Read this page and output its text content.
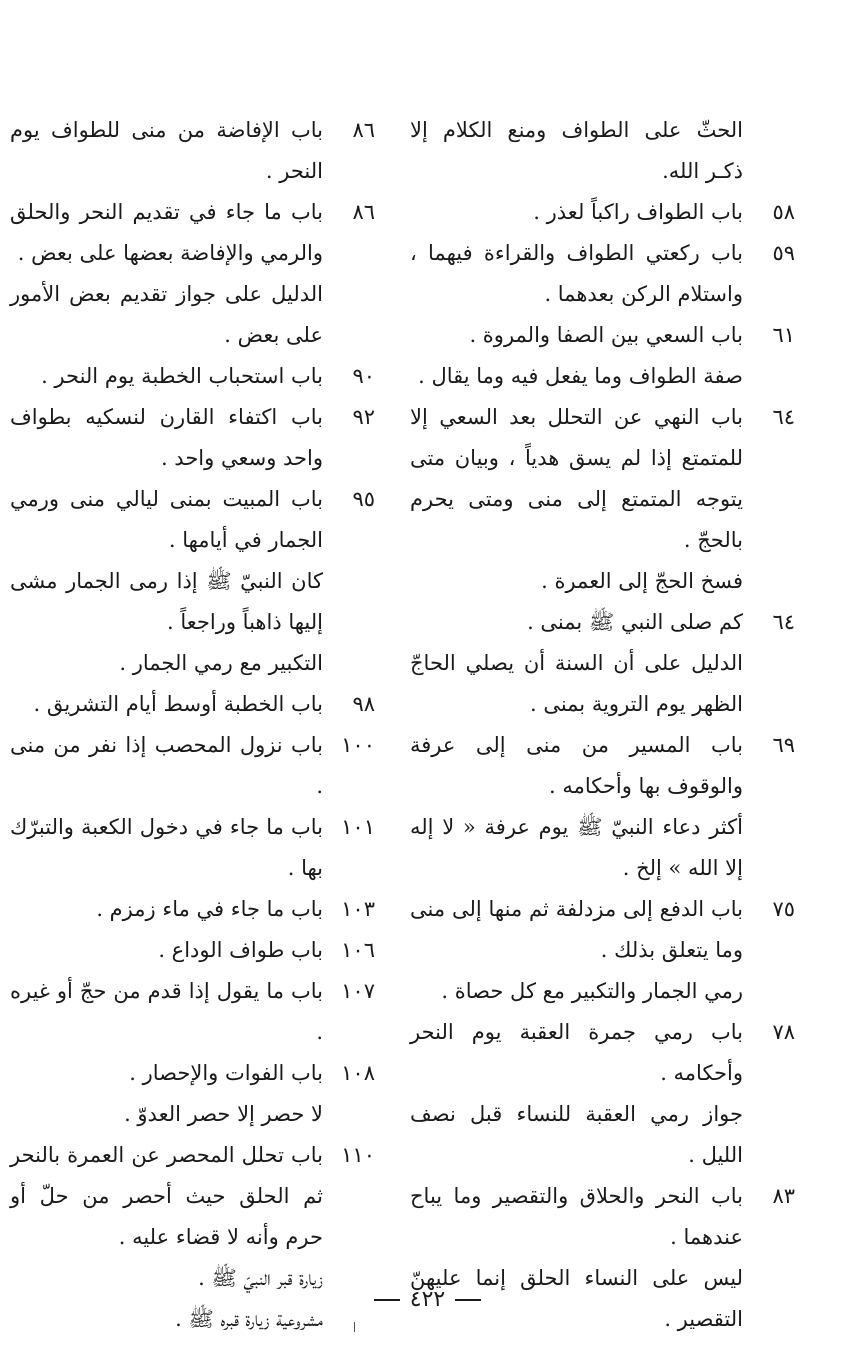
الحثّ على الطواف ومنع الكلام إلا ذكـر الله.
٥٨
باب الطواف راكباً لعذر .
٥٩
باب ركعتي الطواف والقراءة فيهما ، واستلام الركن بعدهما .
٦١
باب السعي بين الصفا والمروة .
صفة الطواف وما يفعل فيه وما يقال .
٦٤
باب النهي عن التحلل بعد السعي إلا للمتمتع إذا لم يسق هدياً ، وبيان متى يتوجه المتمتع إلى منى ومتى يحرم بالحجّ .
فسخ الحجّ إلى العمرة .
٦٤
كم صلى النبي ﷺ بمنى .
الدليل على أن السنة أن يصلي الحاجّ الظهر يوم التروية بمنى .
٦٩
باب المسير من منى إلى عرفة والوقوف بها وأحكامه .
أكثر دعاء النبيّ ﷺ يوم عرفة « لا إله إلا الله » إلخ .
٧٥
باب الدفع إلى مزدلفة ثم منها إلى منى وما يتعلق بذلك .
رمي الجمار والتكبير مع كل حصاة .
٧٨
باب رمي جمرة العقبة يوم النحر وأحكامه .
جواز رمي العقبة للنساء قبل نصف الليل .
٨٣
باب النحر والحلاق والتقصير وما يباح عندهما .
ليس على النساء الحلق إنما عليهنّ التقصير .
٨٦
باب الإفاضة من منى للطواف يوم النحر .
٨٦
باب ما جاء في تقديم النحر والحلق والرمي والإفاضة بعضها على بعض .
الدليل على جواز تقديم بعض الأمور على بعض .
٩٠
باب استحباب الخطبة يوم النحر .
٩٢
باب اكتفاء القارن لنسكيه بطواف واحد وسعي واحد .
٩٥
باب المبيت بمنى ليالي منى ورمي الجمار في أيامها .
كان النبيّ ﷺ إذا رمى الجمار مشى إليها ذاهباً وراجعاً .
التكبير مع رمي الجمار .
٩٨
باب الخطبة أوسط أيام التشريق .
١٠٠
باب نزول المحصب إذا نفر من منى .
١٠١
باب ما جاء في دخول الكعبة والتبرّك بها .
١٠٣
باب ما جاء في ماء زمزم .
١٠٦
باب طواف الوداع .
١٠٧
باب ما يقول إذا قدم من حجّ أو غيره .
١٠٨
باب الفوات والإحصار .
لا حصر إلا حصر العدوّ .
١١٠
باب تحلل المحصر عن العمرة بالنحر ثم الحلق حيث أحصر من حلّ أو حرم وأنه لا قضاء عليه .
زيارة قبر النبيّ ﷺ .
مشروعية زيارة قبره ﷺ .
٤٢٢
